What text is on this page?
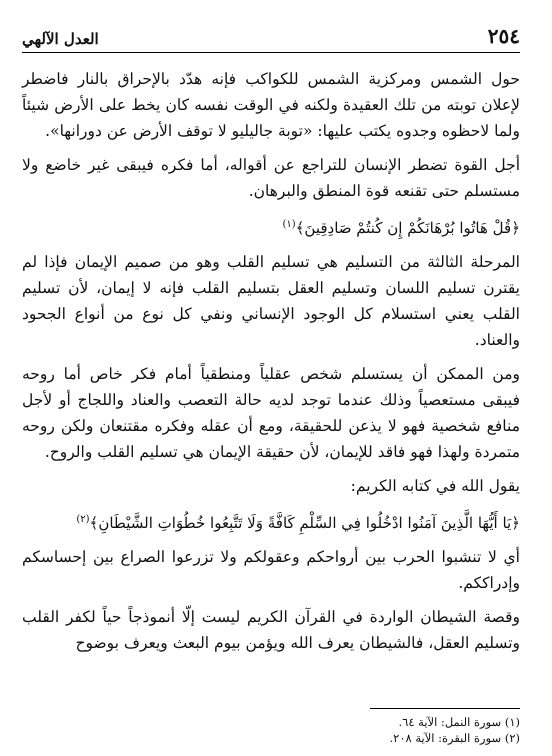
٢٥٤
العدل الآلهي

حول الشمس ومركزية الشمس للكواكب فإنه هدّد بالإحراق بالنار فاضطر لإعلان توبته من تلك العقيدة ولكنه في الوقت نفسه كان يخط على الأرض شيئاً ولما لاحظوه وجدوه يكتب عليها: «توبة جاليليو لا توقف الأرض عن دورانها».

أجل القوة تضطر الإنسان للتراجع عن أقواله، أما فكره فيبقى غير خاضع ولا مستسلم حتى تقنعه قوة المنطق والبرهان.

﴿قُلْ هَاتُوا بُرْهَانَكُمْ إِن كُنتُمْ صَادِقِينَ﴾$^{(١)}$

المرحلة الثالثة من التسليم هي تسليم القلب وهو من صميم الإيمان فإذا لم يقترن تسليم اللسان وتسليم العقل بتسليم القلب فإنه لا إيمان، لأن تسليم القلب يعني استسلام كل الوجود الإنساني ونفي كل نوع من أنواع الجحود والعناد.

ومن الممكن أن يستسلم شخص عقلياً ومنطقياً أمام فكر خاص أما روحه فيبقى مستعصياً وذلك عندما توجد لديه حالة التعصب والعناد واللجاج أو لأجل منافع شخصية فهو لا يذعن للحقيقة، ومع أن عقله وفكره مقتنعان ولكن روحه متمردة ولهذا فهو فاقد للإيمان، لأن حقيقة الإيمان هي تسليم القلب والروح.

يقول الله في كتابه الكريم:

﴿يَا أَيُّهَا الَّذِينَ آمَنُوا ادْخُلُوا فِي السِّلْمِ كَافَّةً وَلَا تَتَّبِعُوا خُطُوَاتِ الشَّيْطَانِ﴾$^{(٢)}$

أي لا تنشبوا الحرب بين أرواحكم وعقولكم ولا تزرعوا الصراع بين إحساسكم وإدراككم.

وقصة الشيطان الواردة في القرآن الكريم ليست إلّا أنموذجاً حياً لكفر القلب وتسليم العقل، فالشيطان يعرف الله ويؤمن بيوم البعث ويعرف بوضوح

(١) سورة النمل: الآية ٦٤.

(٢) سورة البقرة: الآية ٢٠٨.
